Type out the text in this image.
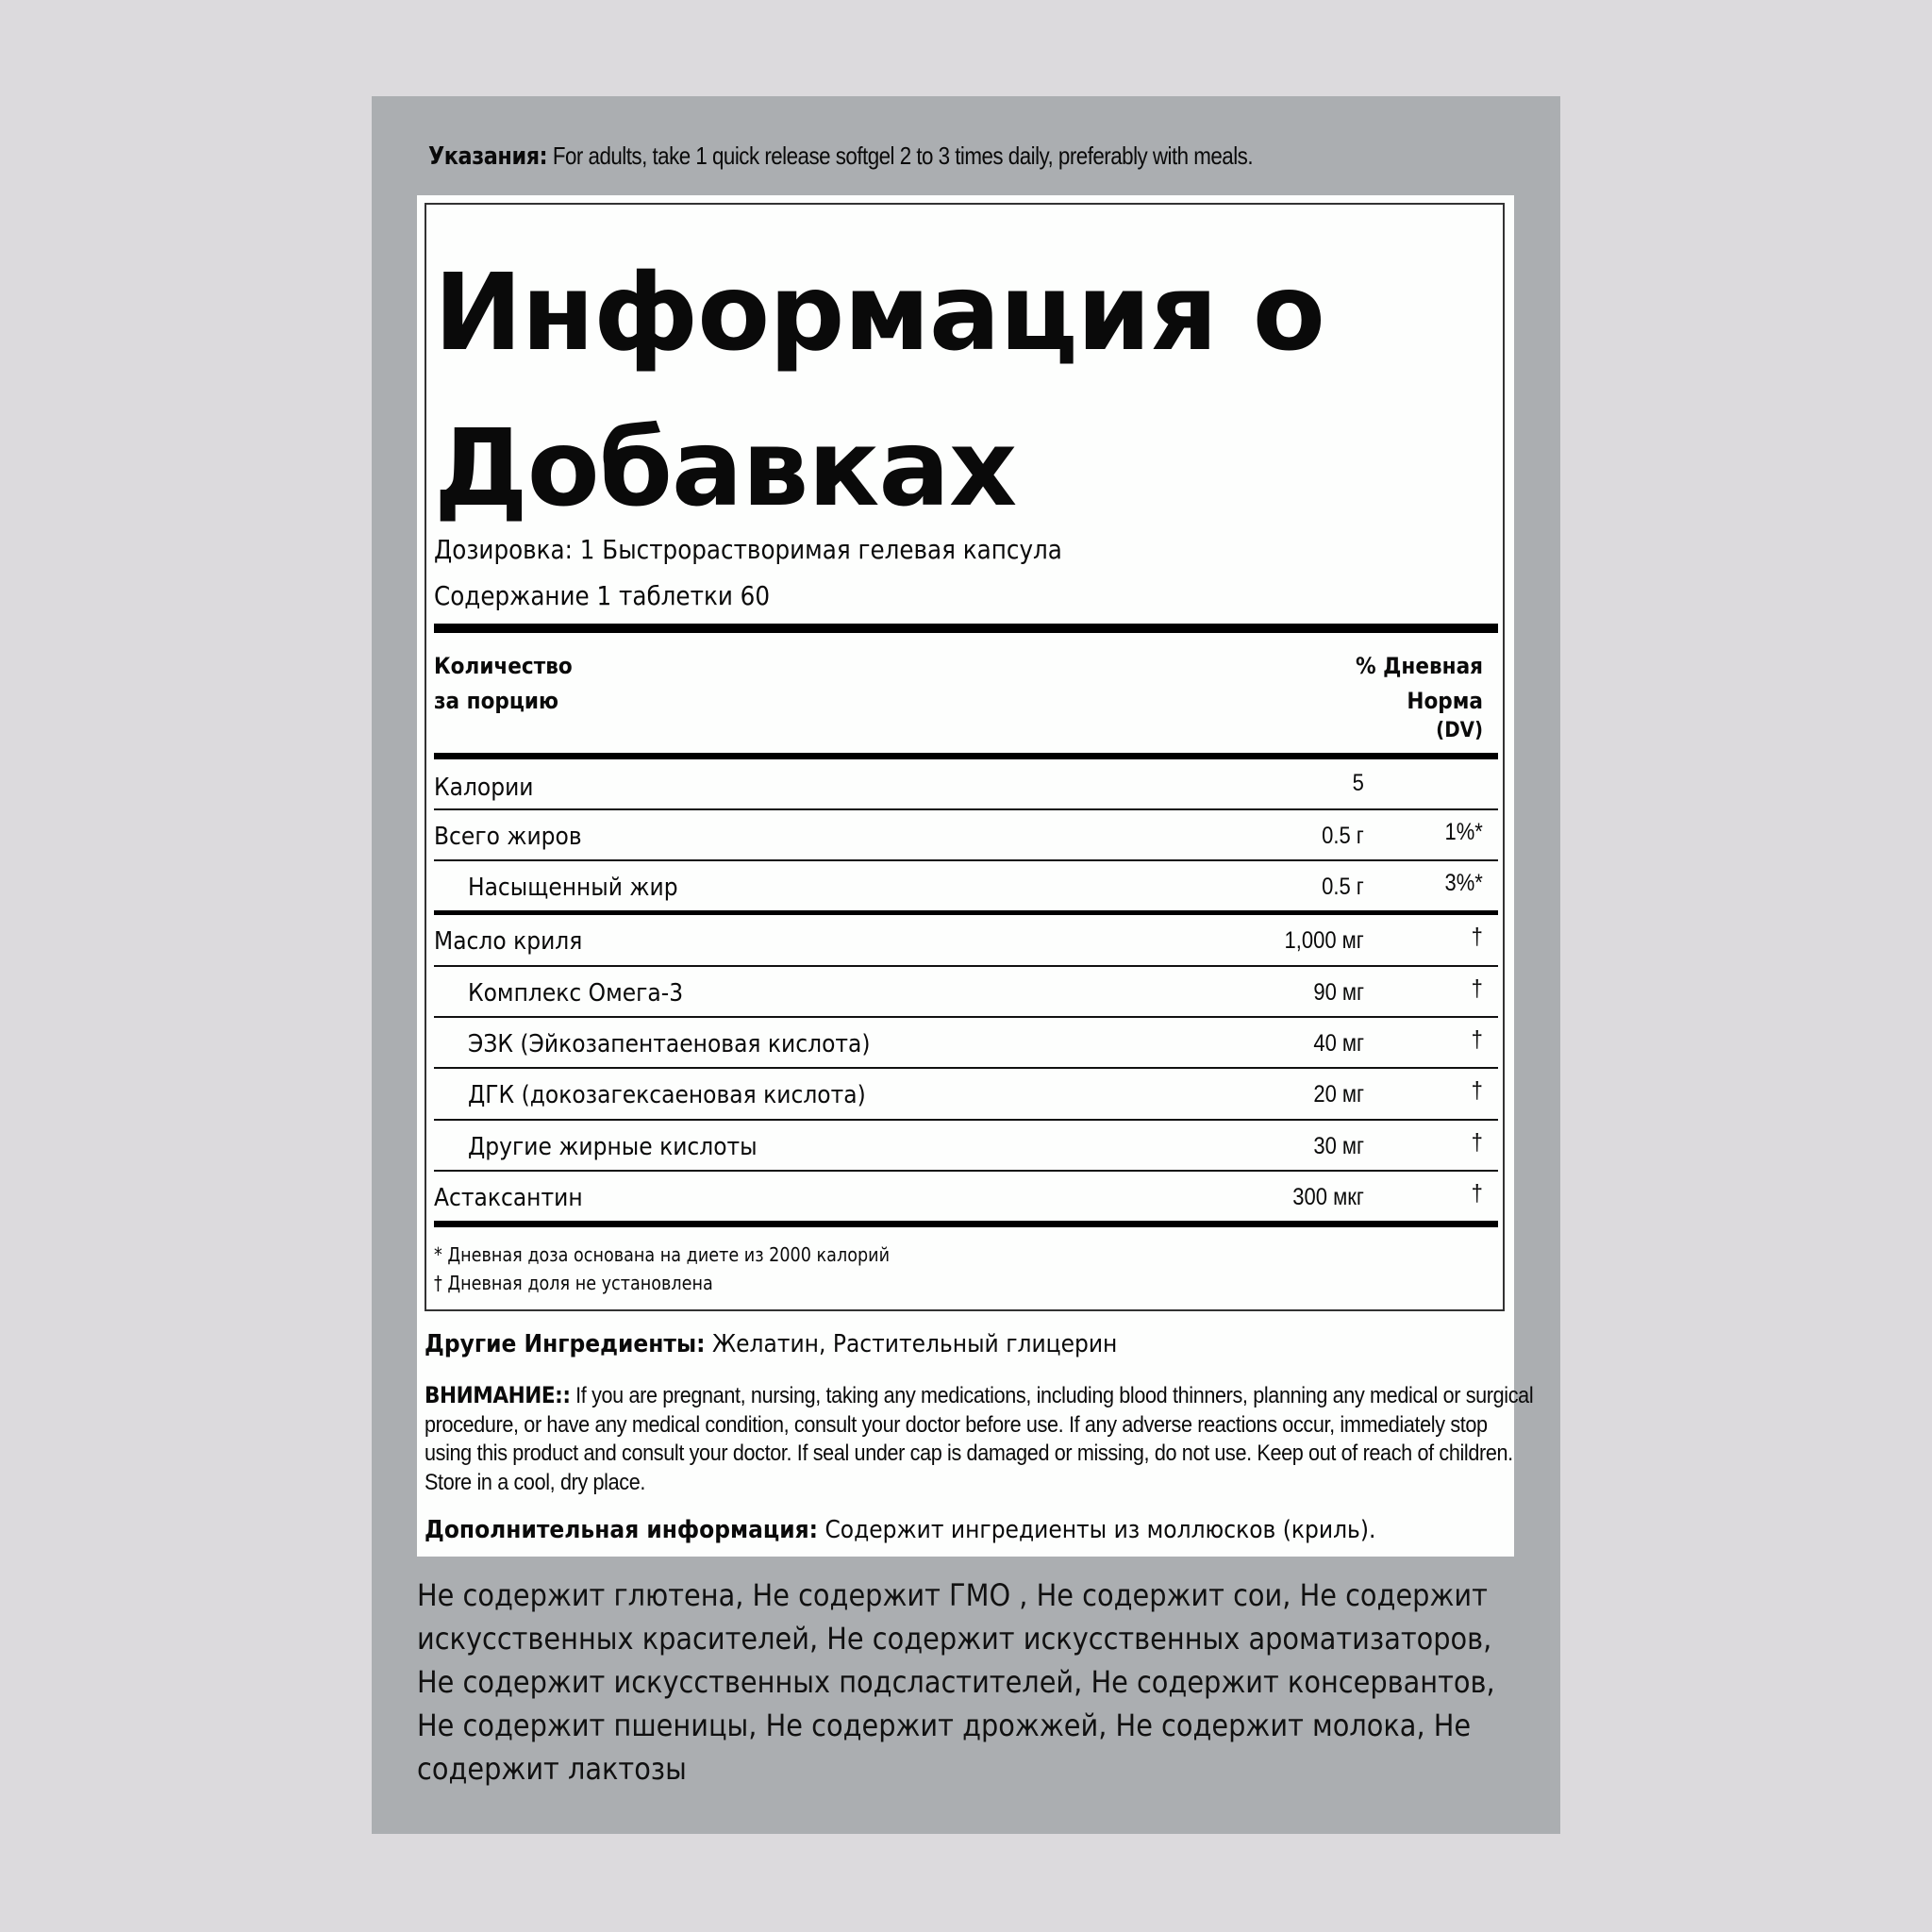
Указания: For adults, take 1 quick release softgel 2 to 3 times daily, preferably with meals.
Информация о
Добавках
Дозировка: 1 Быстрорастворимая гелевая капсула
Содержание 1 таблетки 60
Количество
за порцию
% Дневная
Норма
(DV)
Калории	5
Всего жиров	0.5 г	1%*
Насыщенный жир	0.5 г	3%*
Масло криля	1,000 мг	†
Комплекс Омега-3	90 мг	†
ЭЗК (Эйкозапентаеновая кислота)	40 мг	†
ДГК (докозагексаеновая кислота)	20 мг	†
Другие жирные кислоты	30 мг	†
Астаксантин	300 мкг	†
* Дневная доза основана на диете из 2000 калорий
† Дневная доля не установлена
Другие Ингредиенты: Желатин, Растительный глицерин
ВНИМАНИЕ:: If you are pregnant, nursing, taking any medications, including blood thinners, planning any medical or surgical procedure, or have any medical condition, consult your doctor before use. If any adverse reactions occur, immediately stop using this product and consult your doctor. If seal under cap is damaged or missing, do not use. Keep out of reach of children. Store in a cool, dry place.
Дополнительная информация: Содержит ингредиенты из моллюсков (криль).
Не содержит глютена, Не содержит ГМО , Не содержит сои, Не содержит искусственных красителей, Не содержит искусственных ароматизаторов, Не содержит искусственных подсластителей, Не содержит консервантов, Не содержит пшеницы, Не содержит дрожжей, Не содержит молока, Не содержит лактозы
